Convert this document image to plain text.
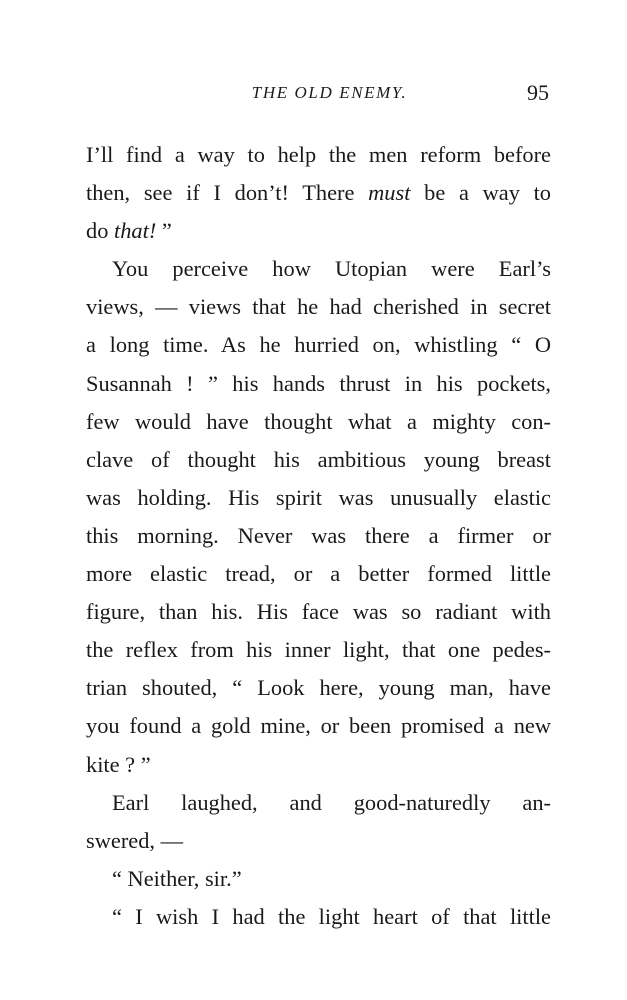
THE OLD ENEMY.	95
I’ll find a way to help the men reform before
then, see if I don’t! There must be a way to
do that! ”
You perceive how Utopian were Earl’s
views, — views that he had cherished in secret
a long time. As he hurried on, whistling “ O
Susannah ! ” his hands thrust in his pockets,
few would have thought what a mighty con-
clave of thought his ambitious young breast
was holding. His spirit was unusually elastic
this morning. Never was there a firmer or
more elastic tread, or a better formed little
figure, than his. His face was so radiant with
the reflex from his inner light, that one pedes-
trian shouted, “ Look here, young man, have
you found a gold mine, or been promised a new
kite ? ”
Earl laughed, and good-naturedly an-
swered, —
“ Neither, sir.”
“ I wish I had the light heart of that little
